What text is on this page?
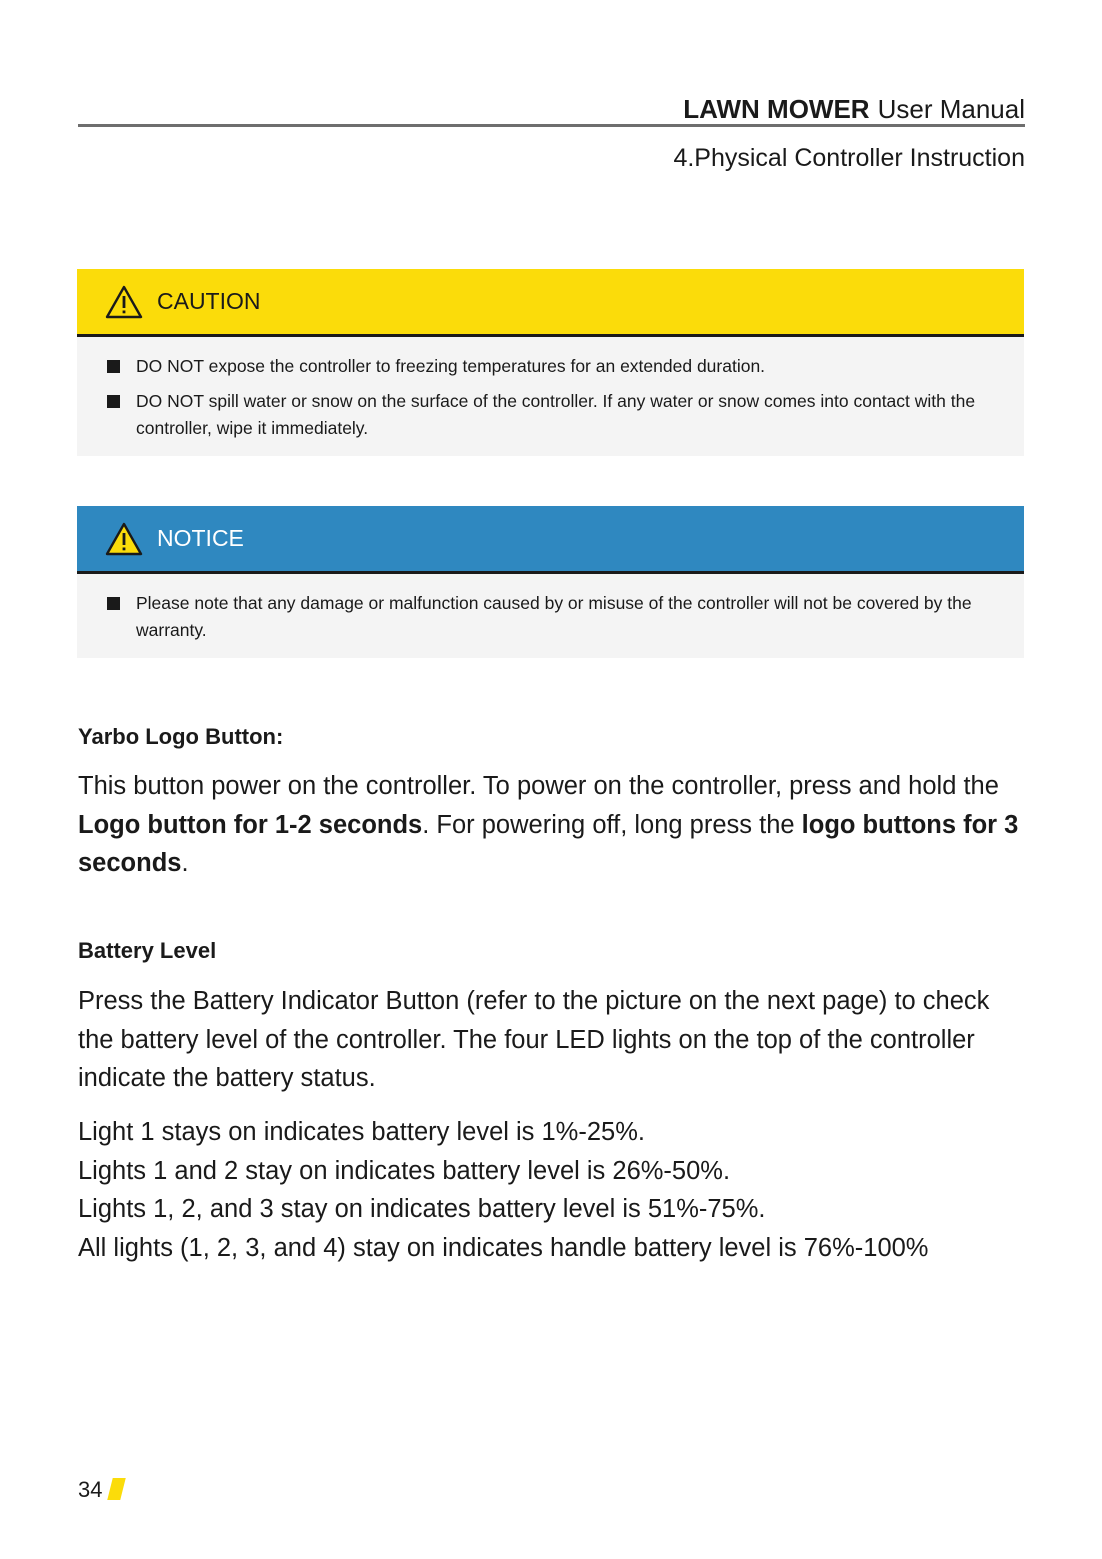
LAWN MOWER User Manual
4.Physical Controller Instruction
CAUTION
DO NOT expose the controller to freezing temperatures for an extended duration.
DO NOT spill water or snow on the surface of the controller. If any water or snow comes into contact with the controller, wipe it immediately.
NOTICE
Please note that any damage or malfunction caused by or misuse of the controller will not be covered by the warranty.
Yarbo Logo Button:
This button power on the controller. To power on the controller, press and hold the Logo button for 1-2 seconds. For powering off, long press the logo buttons for 3 seconds.
Battery Level
Press the Battery Indicator Button (refer to the picture on the next page) to check the battery level of the controller. The four LED lights on the top of the controller indicate the battery status.
Light 1 stays on indicates battery level is 1%-25%.
Lights 1 and 2 stay on indicates battery level is 26%-50%.
Lights 1, 2, and 3 stay on indicates battery level is 51%-75%.
All lights (1, 2, 3, and 4) stay on indicates handle battery level is 76%-100%
34
